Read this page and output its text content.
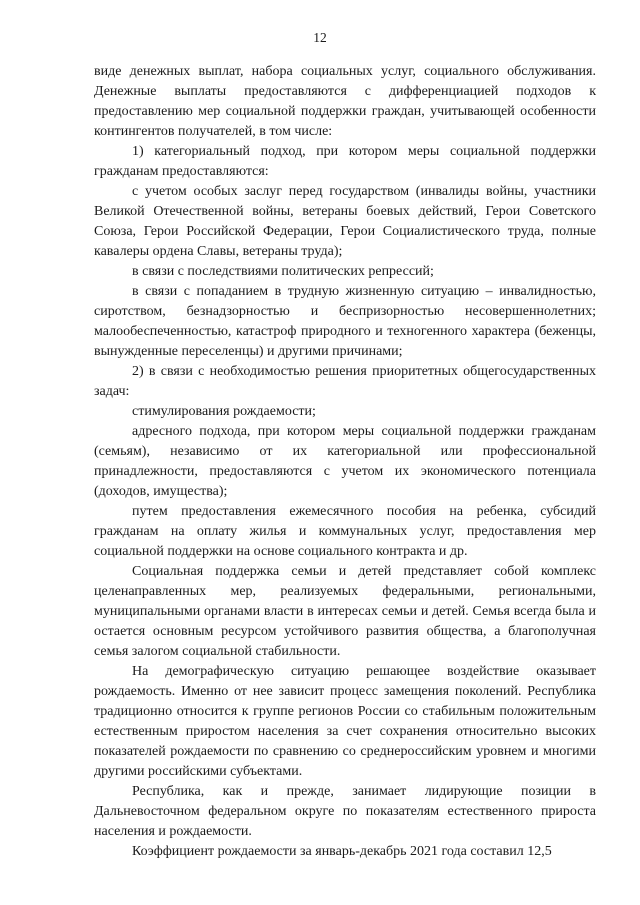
12

виде денежных выплат, набора социальных услуг, социального обслуживания. Денежные выплаты предоставляются с дифференциацией подходов к предоставлению мер социальной поддержки граждан, учитывающей особенности контингентов получателей, в том числе:

1) категориальный подход, при котором меры социальной поддержки гражданам предоставляются:

с учетом особых заслуг перед государством (инвалиды войны, участники Великой Отечественной войны, ветераны боевых действий, Герои Советского Союза, Герои Российской Федерации, Герои Социалистического труда, полные кавалеры ордена Славы, ветераны труда);

в связи с последствиями политических репрессий;

в связи с попаданием в трудную жизненную ситуацию – инвалидностью, сиротством, безнадзорностью и беспризорностью несовершеннолетних; малообеспеченностью, катастроф природного и техногенного характера (беженцы, вынужденные переселенцы) и другими причинами;

2) в связи с необходимостью решения приоритетных общегосударственных задач:

стимулирования рождаемости;

адресного подхода, при котором меры социальной поддержки гражданам (семьям), независимо от их категориальной или профессиональной принадлежности, предоставляются с учетом их экономического потенциала (доходов, имущества);

путем предоставления ежемесячного пособия на ребенка, субсидий гражданам на оплату жилья и коммунальных услуг, предоставления мер социальной поддержки на основе социального контракта и др.

Социальная поддержка семьи и детей представляет собой комплекс целенаправленных мер, реализуемых федеральными, региональными, муниципальными органами власти в интересах семьи и детей. Семья всегда была и остается основным ресурсом устойчивого развития общества, а благополучная семья залогом социальной стабильности.

На демографическую ситуацию решающее воздействие оказывает рождаемость. Именно от нее зависит процесс замещения поколений. Республика традиционно относится к группе регионов России со стабильным положительным естественным приростом населения за счет сохранения относительно высоких показателей рождаемости по сравнению со среднероссийским уровнем и многими другими российскими субъектами.

Республика, как и прежде, занимает лидирующие позиции в Дальневосточном федеральном округе по показателям естественного прироста населения и рождаемости.

Коэффициент рождаемости за январь-декабрь 2021 года составил 12,5
